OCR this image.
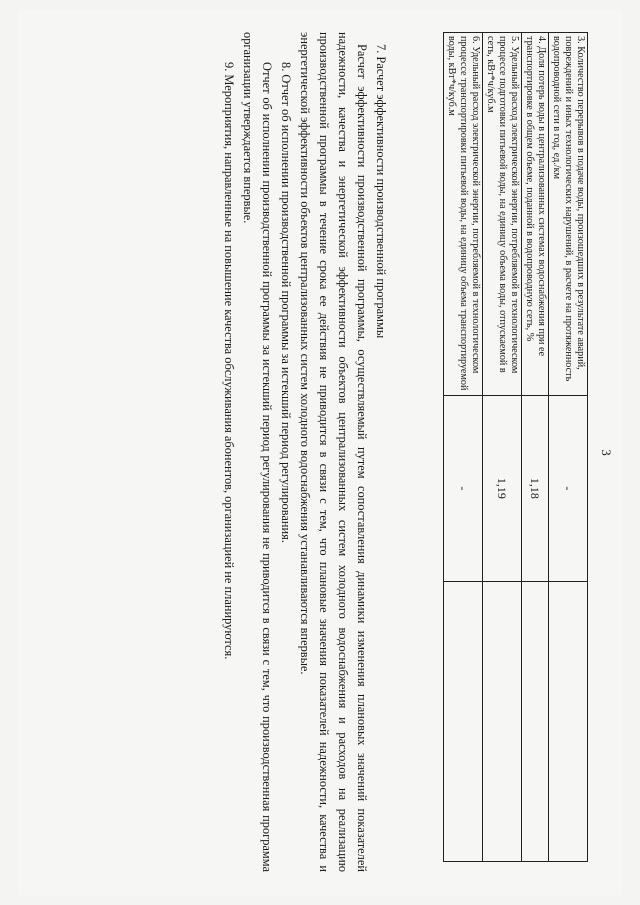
3
3. Количество перерывов в подаче воды, произошедших в результате аварий, повреждений и иных технологических нарушений, в расчете на протяженность водопроводной сети в год, ед./км	-	
4. Доля потерь воды в централизованных системах водоснабжения при ее транспортировке в общем объеме, поданной в водопроводную сеть, %	1,18	
5. Удельный расход электрической энергии, потребляемой в технологическом процессе подготовки питьевой воды, на единицу объема воды, отпускаемой в сеть, кВт*ч/куб.м	1,19	
6. Удельный расход электрической энергии, потребляемой в технологическом процессе транспортировки питьевой воды, на единицу объема транспортируемой воды, кВт*ч/куб.м	-	

7. Расчет эффективности производственной программы

Расчет эффективности производственной программы, осуществляемый путем сопоставления динамики изменения плановых значений показателей надежности, качества и энергетической эффективности объектов централизованных систем холодного водоснабжения и расходов на реализацию производственной программы в течение срока ее действия не приводится в связи с тем, что плановые значения показателей надежности, качества и энергетической эффективности объектов централизованных систем холодного водоснабжения устанавливаются впервые.

8. Отчет об исполнении производственной программы за истекший период регулирования.

Отчет об исполнении производственной программы за истекший период регулирования не приводится в связи с тем, что производственная программа организации утверждается впервые.

9. Мероприятия, направленные на повышение качества обслуживания абонентов, организацией не планируются.
